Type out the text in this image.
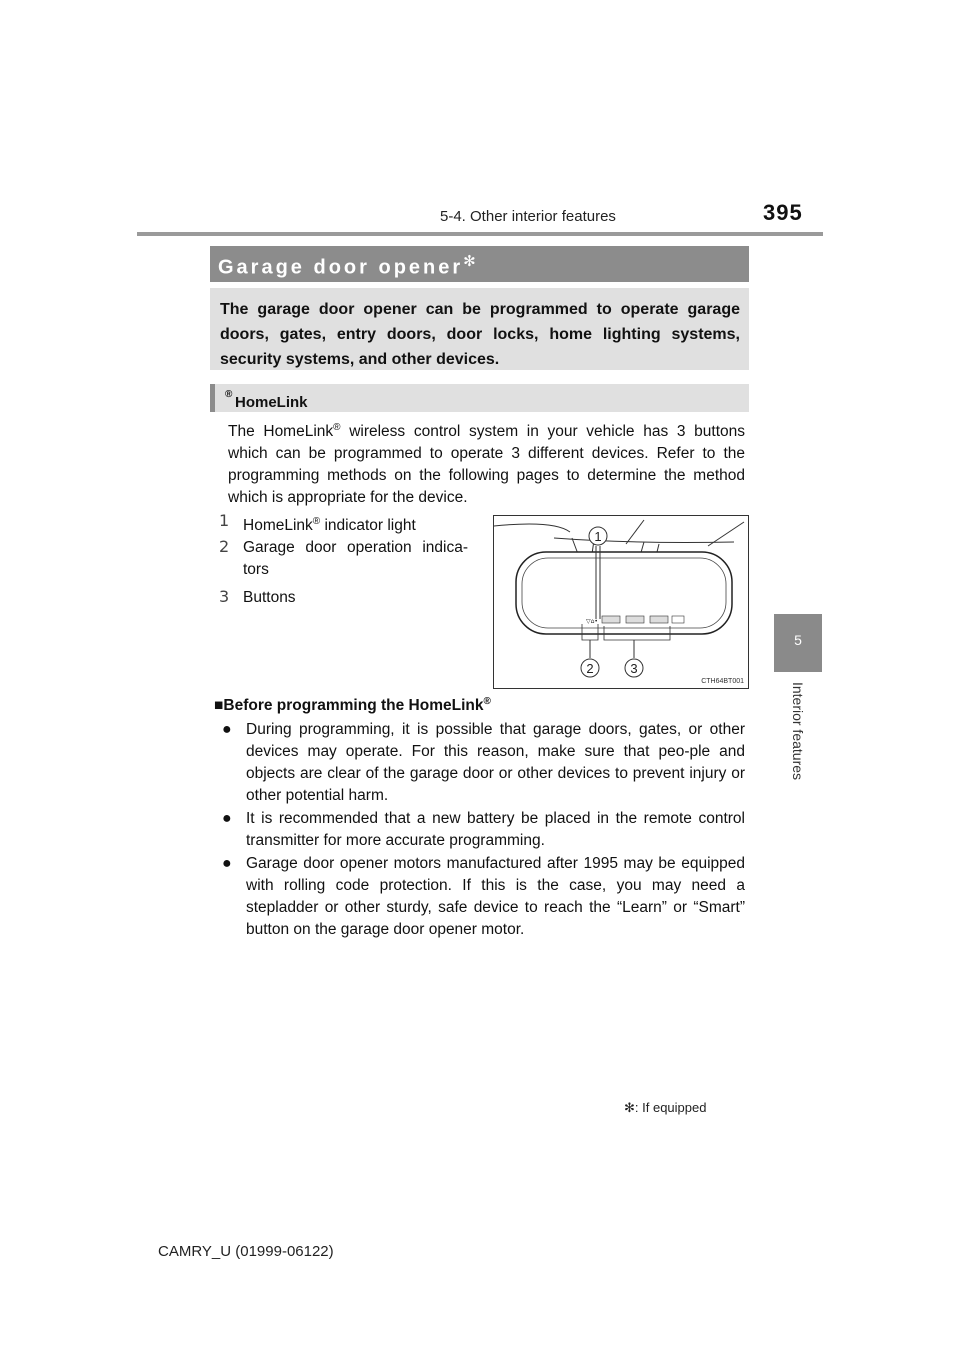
5-4. Other interior features	395
5
Interior features
Garage door opener✻

The garage door opener can be programmed to operate garage doors, gates, entry doors, door locks, home lighting systems, security systems, and other devices.

HomeLink
®
The HomeLink® wireless control system in your vehicle has 3 buttons which can be programmed to operate 3 different devices. Refer to the programming methods on the following pages to determine the method which is appropriate for the device.
1 HomeLink® indicator light
2 Garage door operation indica-tors
3 Buttons
▽⌂•
1
2	3
CTH64BT001
■Before programming the HomeLink®
● During programming, it is possible that garage doors, gates, or other devices may operate. For this reason, make sure that peo-ple and objects are clear of the garage door or other devices to prevent injury or other potential harm.
● It is recommended that a new battery be placed in the remote control transmitter for more accurate programming.
● Garage door opener motors manufactured after 1995 may be equipped with rolling code protection. If this is the case, you may need a stepladder or other sturdy, safe device to reach the “Learn” or “Smart” button on the garage door opener motor.
✻: If equipped
CAMRY_U (01999-06122)
